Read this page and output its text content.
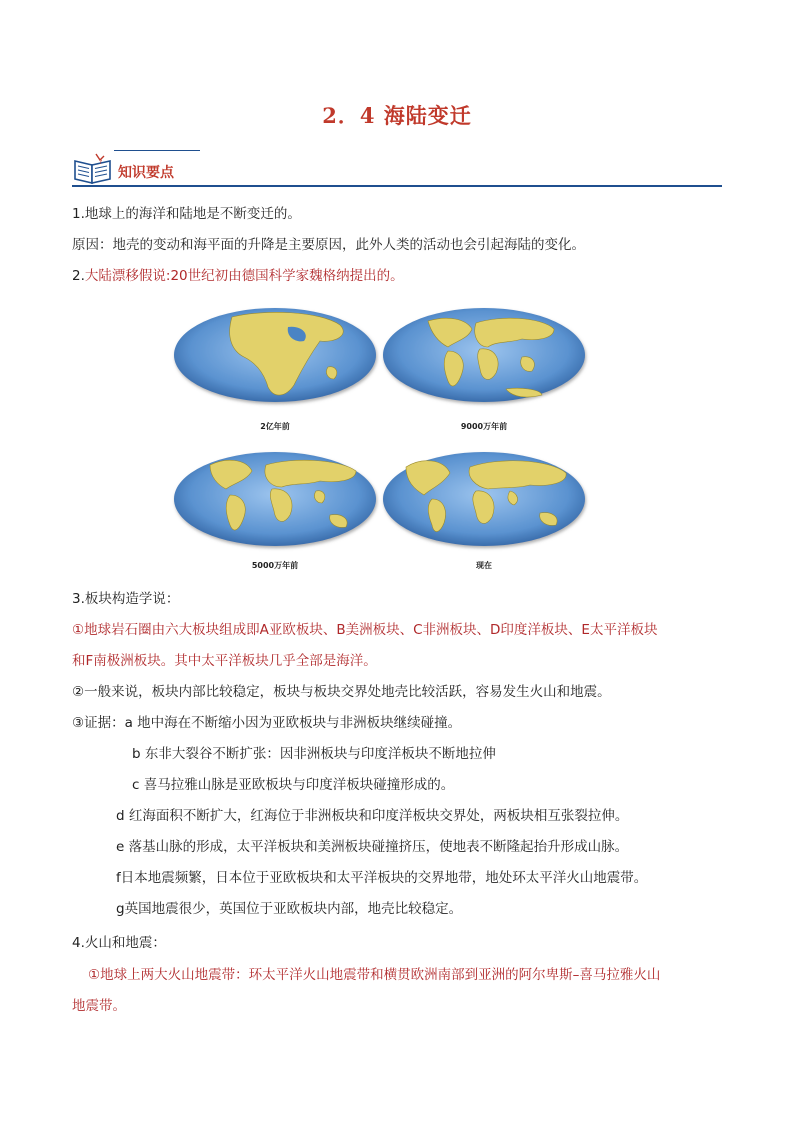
2．4 海陆变迁
?
知识要点
1.地球上的海洋和陆地是不断变迁的。
原因：地壳的变动和海平面的升降是主要原因，此外人类的活动也会引起海陆的变化。
2.大陆漂移假说:20世纪初由德国科学家魏格纳提出的。
2亿年前	9000万年前
5000万年前	现在
3.板块构造学说：
①地球岩石圈由六大板块组成即A亚欧板块、B美洲板块、C非洲板块、D印度洋板块、E太平洋板块
和F南极洲板块。其中太平洋板块几乎全部是海洋。
②一般来说，板块内部比较稳定，板块与板块交界处地壳比较活跃，容易发生火山和地震。
③证据：a 地中海在不断缩小因为亚欧板块与非洲板块继续碰撞。
b 东非大裂谷不断扩张：因非洲板块与印度洋板块不断地拉伸
c 喜马拉雅山脉是亚欧板块与印度洋板块碰撞形成的。
d 红海面积不断扩大，红海位于非洲板块和印度洋板块交界处，两板块相互张裂拉伸。
e 落基山脉的形成，太平洋板块和美洲板块碰撞挤压，使地表不断隆起抬升形成山脉。
f日本地震频繁，日本位于亚欧板块和太平洋板块的交界地带，地处环太平洋火山地震带。
g英国地震很少，英国位于亚欧板块内部，地壳比较稳定。
4.火山和地震：
①地球上两大火山地震带：环太平洋火山地震带和横贯欧洲南部到亚洲的阿尔卑斯–喜马拉雅火山
地震带。
